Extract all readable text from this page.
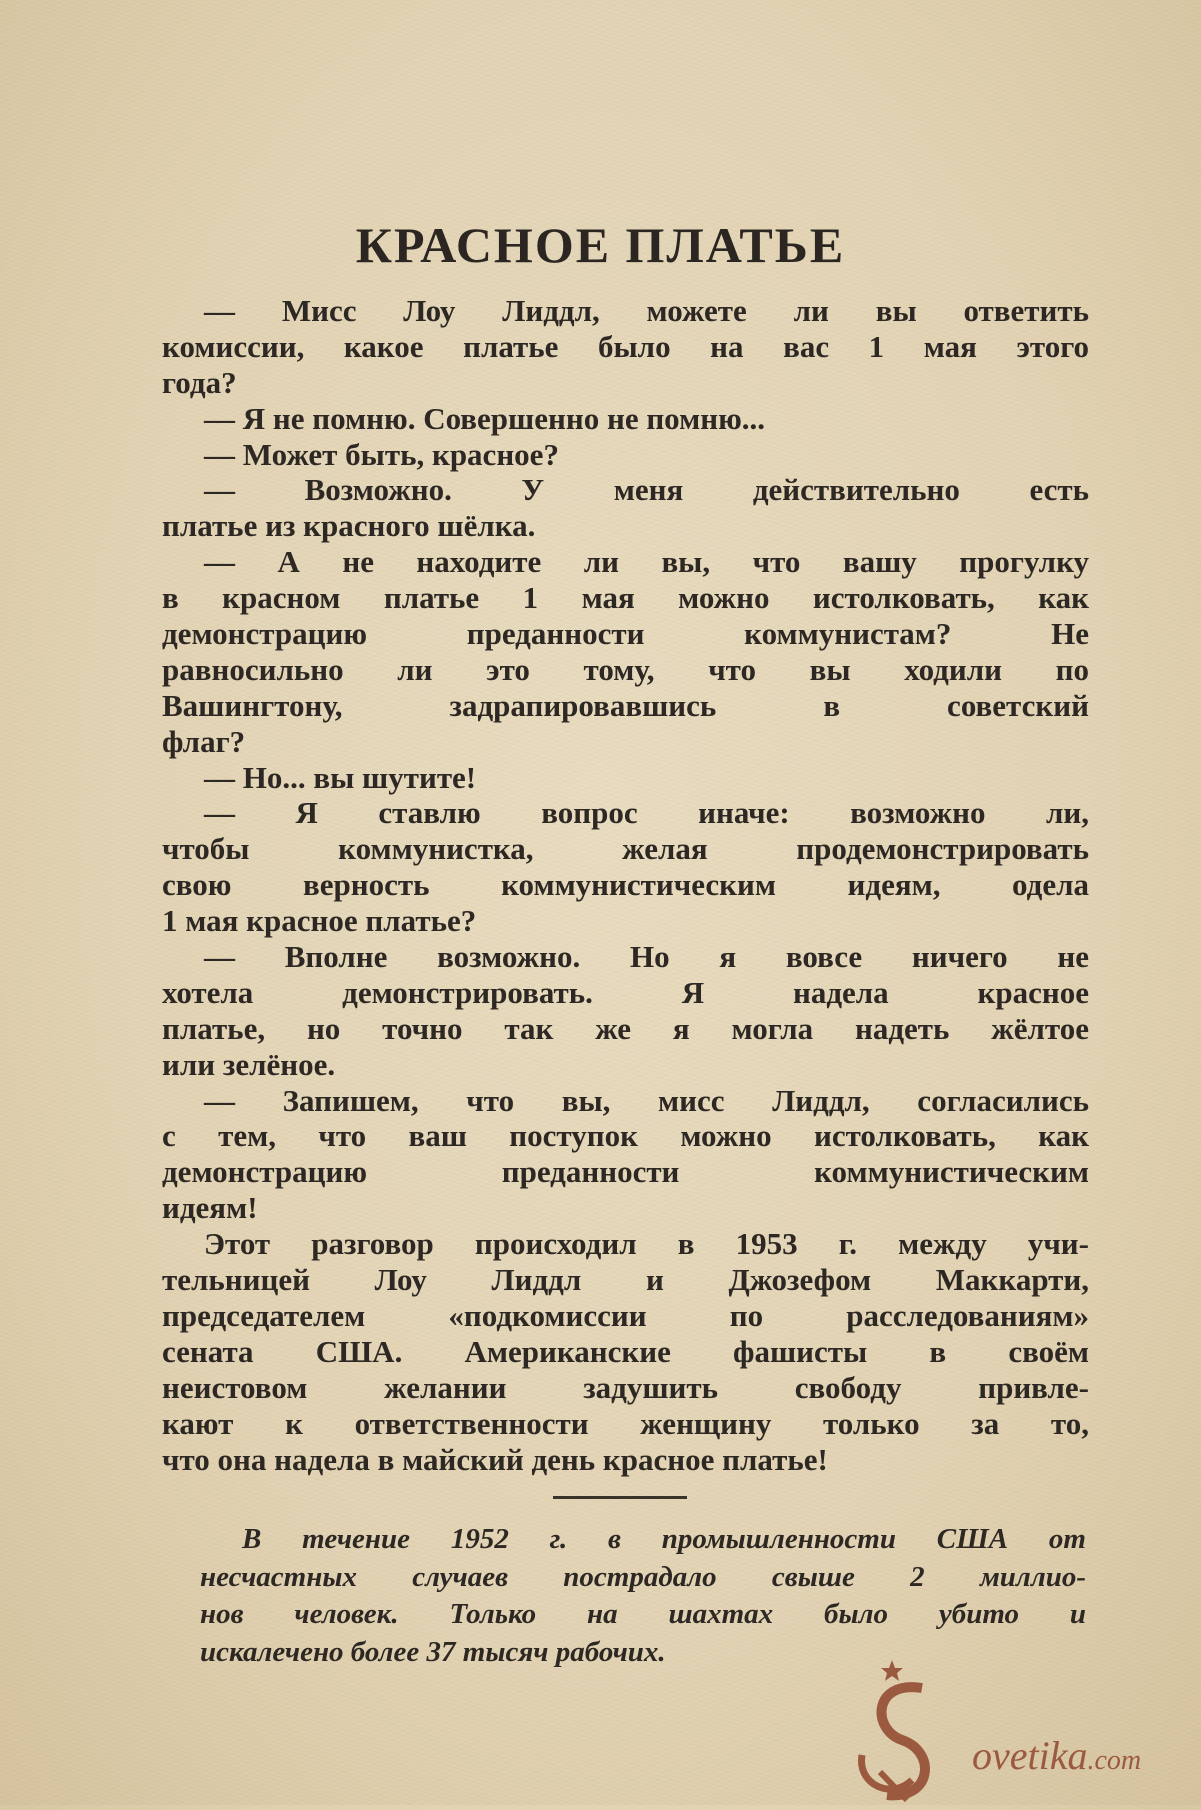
КРАСНОЕ ПЛАТЬЕ
— Мисс Лоу Лиддл, можете ли вы ответить
комиссии, какое платье было на вас 1 мая этого
года?
— Я не помню. Совершенно не помню...
— Может быть, красное?
— Возможно. У меня действительно есть
платье из красного шёлка.
— А не находите ли вы, что вашу прогулку
в красном платье 1 мая можно истолковать, как
демонстрацию преданности коммунистам? Не
равносильно ли это тому, что вы ходили по
Вашингтону, задрапировавшись в советский
флаг?
— Но... вы шутите!
— Я ставлю вопрос иначе: возможно ли,
чтобы коммунистка, желая продемонстрировать
свою верность коммунистическим идеям, одела
1 мая красное платье?
— Вполне возможно. Но я вовсе ничего не
хотела демонстрировать. Я надела красное
платье, но точно так же я могла надеть жёлтое
или зелёное.
— Запишем, что вы, мисс Лиддл, согласились
с тем, что ваш поступок можно истолковать, как
демонстрацию преданности коммунистическим
идеям!
Этот разговор происходил в 1953 г. между учи-
тельницей Лоу Лиддл и Джозефом Маккарти,
председателем «подкомиссии по расследованиям»
сената США. Американские фашисты в своём
неистовом желании задушить свободу привле-
кают к ответственности женщину только за то,
что она надела в майский день красное платье!
В течение 1952 г. в промышленности США от
несчастных случаев пострадало свыше 2 миллио-
нов человек. Только на шахтах было убито и
искалечено более 37 тысяч рабочих.
ovetika.com
